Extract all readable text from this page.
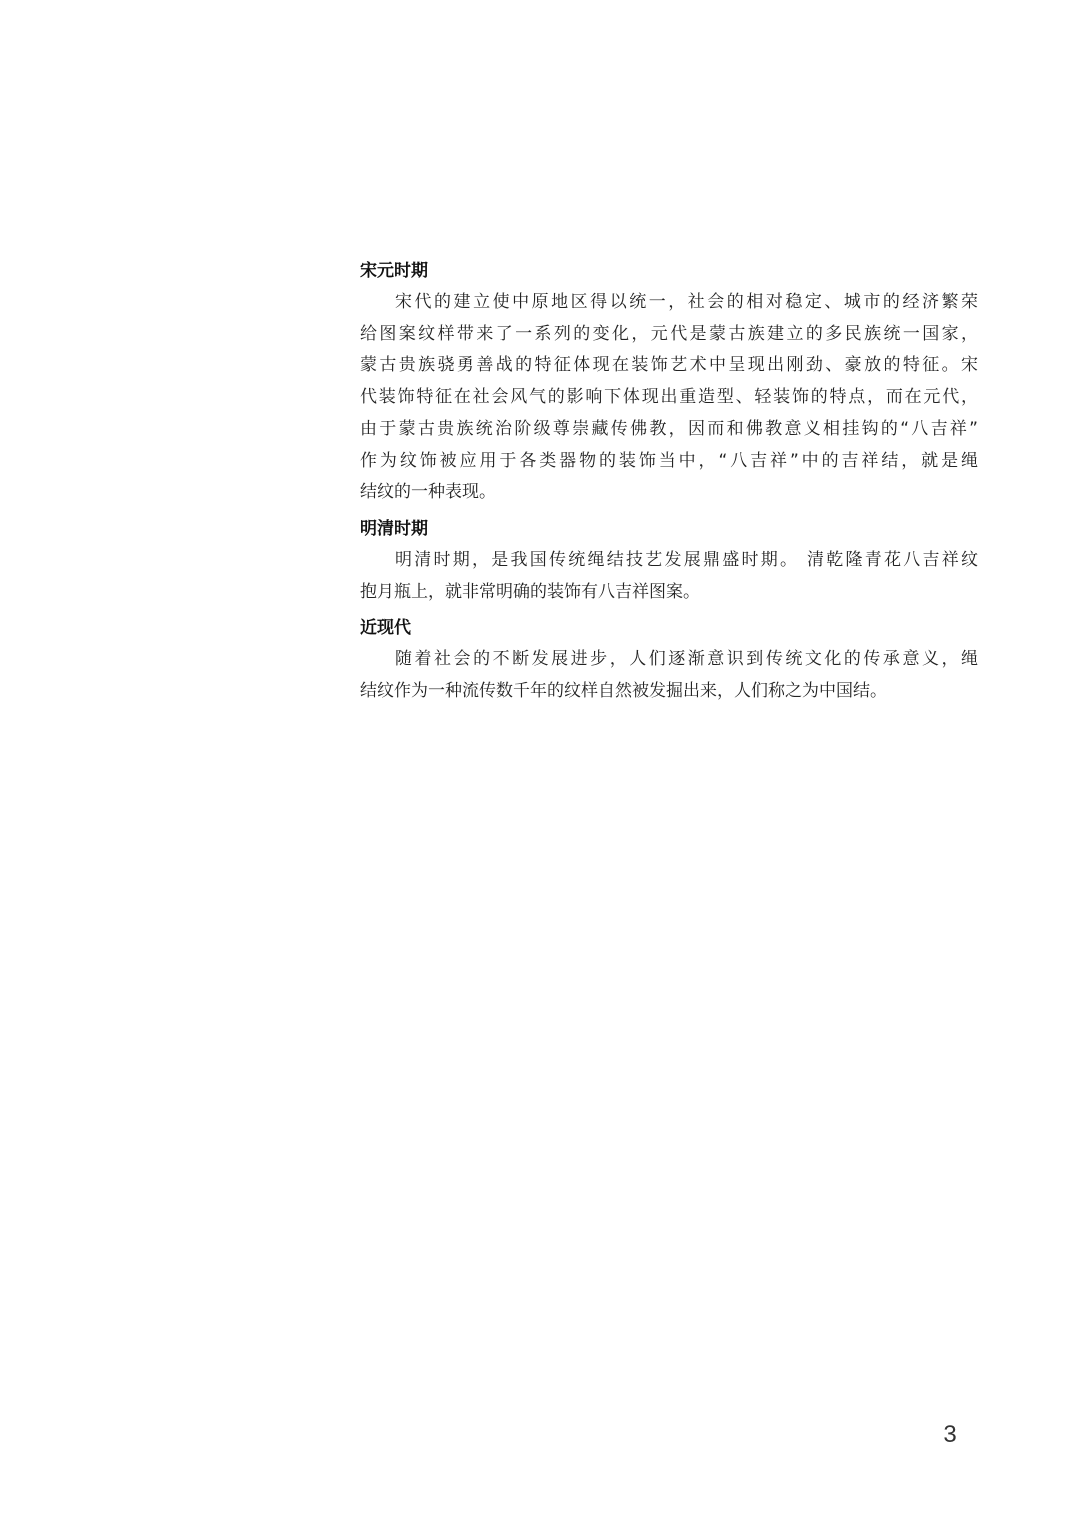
宋元时期

宋代的建立使中原地区得以统一，社会的相对稳定、城市的经济繁荣
给图案纹样带来了一系列的变化，元代是蒙古族建立的多民族统一国家，
蒙古贵族骁勇善战的特征体现在装饰艺术中呈现出刚劲、豪放的特征。宋
代装饰特征在社会风气的影响下体现出重造型、轻装饰的特点，而在元代，
由于蒙古贵族统治阶级尊崇藏传佛教，因而和佛教意义相挂钩的“八吉祥”
作为纹饰被应用于各类器物的装饰当中，“八吉祥”中的吉祥结，就是绳
结纹的一种表现。

明清时期

明清时期，是我国传统绳结技艺发展鼎盛时期。 清乾隆青花八吉祥纹
抱月瓶上，就非常明确的装饰有八吉祥图案。

近现代

随着社会的不断发展进步，人们逐渐意识到传统文化的传承意义，绳
结纹作为一种流传数千年的纹样自然被发掘出来，人们称之为中国结。

3
